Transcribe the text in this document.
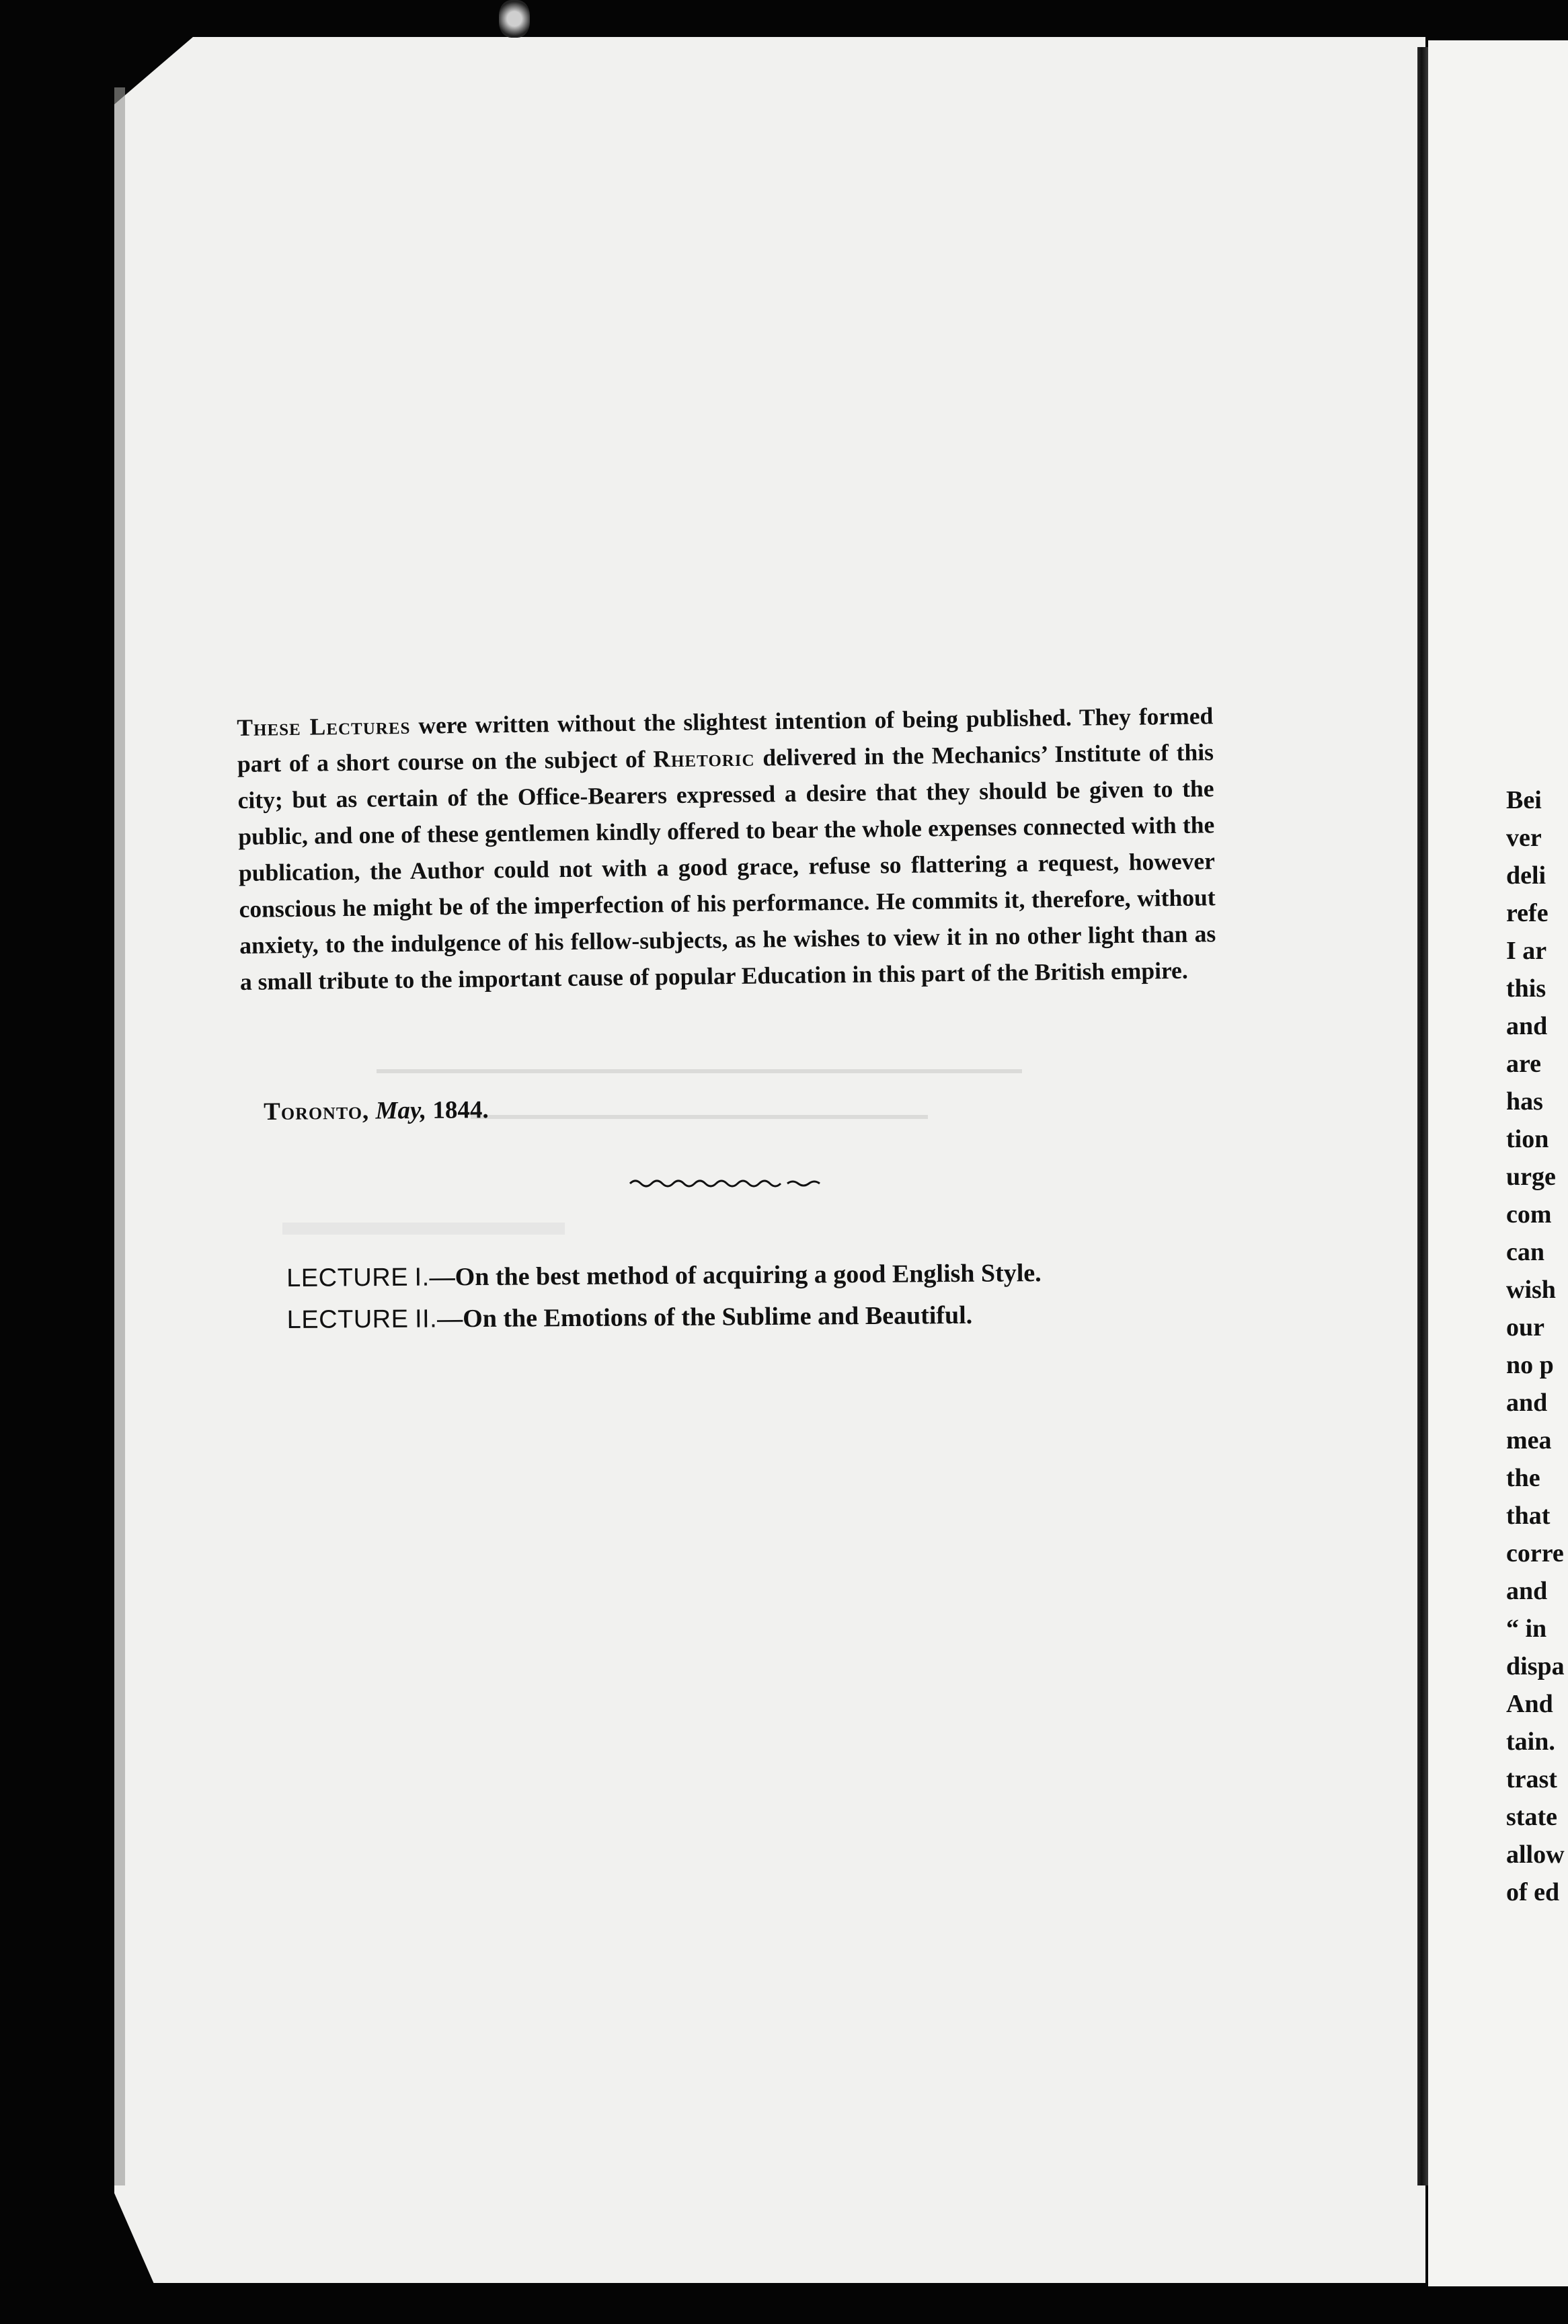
These Lectures were written without the slightest intention of being published. They formed part of a short course on the subject of Rhetoric delivered in the Mechanics’ Institute of this city; but as certain of the Office-Bearers expressed a desire that they should be given to the public, and one of these gentlemen kindly offered to bear the whole expenses connected with the publication, the Author could not with a good grace, refuse so flattering a request, however conscious he might be of the imperfection of his performance. He commits it, therefore, without anxiety, to the indulgence of his fellow-subjects, as he wishes to view it in no other light than as a small tribute to the important cause of popular Education in this part of the British empire.
Toronto, May, 1844.
LECTURE I.—On the best method of acquiring a good English Style.
LECTURE II.—On the Emotions of the Sublime and Beautiful.
Bei
ver
deli
refe
I ar
this
and
are
has
tion
urge
com
can
wish
our
no p
and
mea
the
that
corre
and
“ in
dispa
And
tain.
trast
state
allow
of ed
